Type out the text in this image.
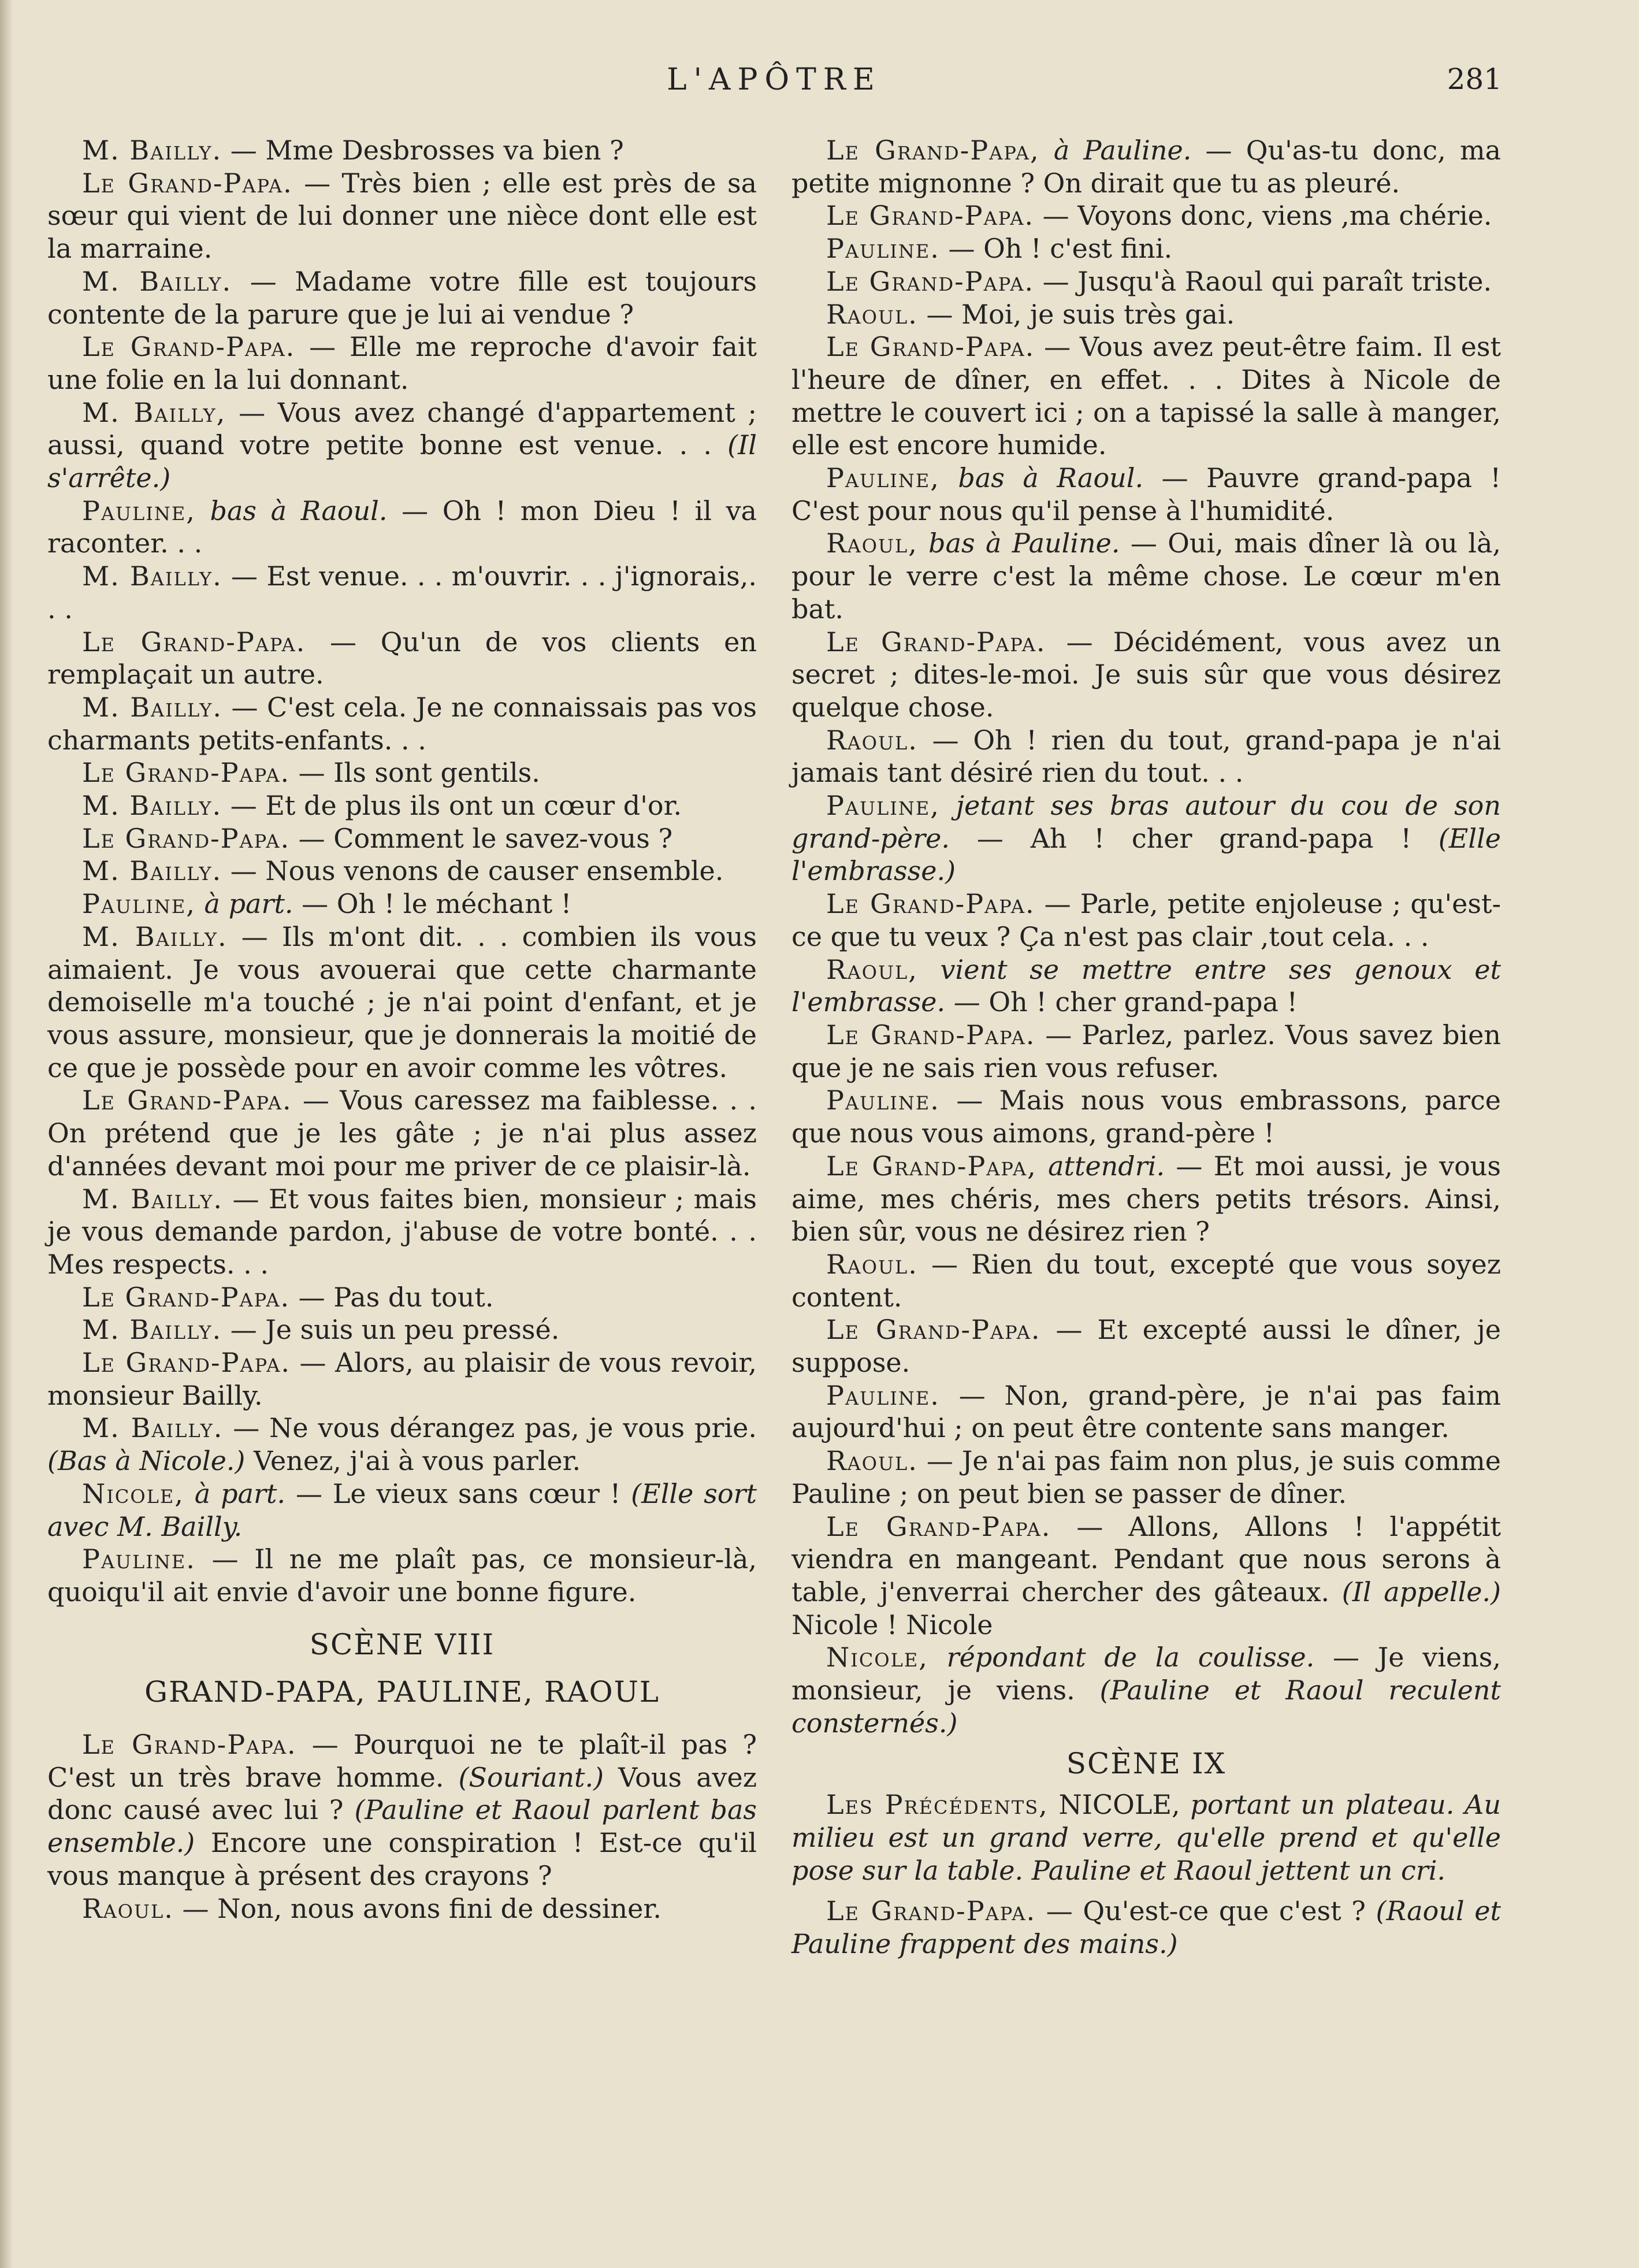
L'APÔTRE	281

M. Bailly. — Mme Desbrosses va bien ?

Le Grand-Papa. — Très bien ; elle est près de sa sœur qui vient de lui donner une nièce dont elle est la marraine.

M. Bailly. — Madame votre fille est toujours contente de la parure que je lui ai vendue ?

Le Grand-Papa. — Elle me reproche d'avoir fait une folie en la lui donnant.

M. Bailly, — Vous avez changé d'appartement ; aussi, quand votre petite bonne est venue. . . (Il s'arrête.)

Pauline, bas à Raoul. — Oh ! mon Dieu ! il va raconter. . .

M. Bailly. — Est venue. . . m'ouvrir. . . j'ignorais,. . .

Le Grand-Papa. — Qu'un de vos clients en remplaçait un autre.

M. Bailly. — C'est cela. Je ne connaissais pas vos charmants petits-enfants. . .

Le Grand-Papa. — Ils sont gentils.

M. Bailly. — Et de plus ils ont un cœur d'or.

Le Grand-Papa. — Comment le savez-vous ?

M. Bailly. — Nous venons de causer ensemble.

Pauline, à part. — Oh ! le méchant !

M. Bailly. — Ils m'ont dit. . . combien ils vous aimaient. Je vous avouerai que cette charmante demoiselle m'a touché ; je n'ai point d'enfant, et je vous assure, monsieur, que je donnerais la moitié de ce que je possède pour en avoir comme les vôtres.

Le Grand-Papa. — Vous caressez ma faiblesse. . . On prétend que je les gâte ; je n'ai plus assez d'années devant moi pour me priver de ce plaisir-là.

M. Bailly. — Et vous faites bien, monsieur ; mais je vous demande pardon, j'abuse de votre bonté. . . Mes respects. . .

Le Grand-Papa. — Pas du tout.

M. Bailly. — Je suis un peu pressé.

Le Grand-Papa. — Alors, au plaisir de vous revoir, monsieur Bailly.

M. Bailly. — Ne vous dérangez pas, je vous prie. (Bas à Nicole.) Venez, j'ai à vous parler.

Nicole, à part. — Le vieux sans cœur ! (Elle sort avec M. Bailly.

Pauline. — Il ne me plaît pas, ce monsieur-là, quoiqu'il ait envie d'avoir une bonne figure.

SCÈNE VIII

GRAND-PAPA, PAULINE, RAOUL

Le Grand-Papa. — Pourquoi ne te plaît-il pas ? C'est un très brave homme. (Souriant.) Vous avez donc causé avec lui ? (Pauline et Raoul parlent bas ensemble.) Encore une conspiration ! Est-ce qu'il vous manque à présent des crayons ?

Raoul. — Non, nous avons fini de dessiner.

Le Grand-Papa, à Pauline. — Qu'as-tu donc, ma petite mignonne ? On dirait que tu as pleuré.

Le Grand-Papa. — Voyons donc, viens ,ma chérie.

Pauline. — Oh ! c'est fini.

Le Grand-Papa. — Jusqu'à Raoul qui paraît triste.

Raoul. — Moi, je suis très gai.

Le Grand-Papa. — Vous avez peut-être faim. Il est l'heure de dîner, en effet. . . Dites à Nicole de mettre le couvert ici ; on a tapissé la salle à manger, elle est encore humide.

Pauline, bas à Raoul. — Pauvre grand-papa ! C'est pour nous qu'il pense à l'humidité.

Raoul, bas à Pauline. — Oui, mais dîner là ou là, pour le verre c'est la même chose. Le cœur m'en bat.

Le Grand-Papa. — Décidément, vous avez un secret ; dites-le-moi. Je suis sûr que vous désirez quelque chose.

Raoul. — Oh ! rien du tout, grand-papa je n'ai jamais tant désiré rien du tout. . .

Pauline, jetant ses bras autour du cou de son grand-père. — Ah ! cher grand-papa ! (Elle l'embrasse.)

Le Grand-Papa. — Parle, petite enjoleuse ; qu'est-ce que tu veux ? Ça n'est pas clair ,tout cela. . .

Raoul, vient se mettre entre ses genoux et l'embrasse. — Oh ! cher grand-papa !

Le Grand-Papa. — Parlez, parlez. Vous savez bien que je ne sais rien vous refuser.

Pauline. — Mais nous vous embrassons, parce que nous vous aimons, grand-père !

Le Grand-Papa, attendri. — Et moi aussi, je vous aime, mes chéris, mes chers petits trésors. Ainsi, bien sûr, vous ne désirez rien ?

Raoul. — Rien du tout, excepté que vous soyez content.

Le Grand-Papa. — Et excepté aussi le dîner, je suppose.

Pauline. — Non, grand-père, je n'ai pas faim aujourd'hui ; on peut être contente sans manger.

Raoul. — Je n'ai pas faim non plus, je suis comme Pauline ; on peut bien se passer de dîner.

Le Grand-Papa. — Allons, Allons ! l'appétit viendra en mangeant. Pendant que nous serons à table, j'enverrai chercher des gâteaux. (Il appelle.) Nicole ! Nicole

Nicole, répondant de la coulisse. — Je viens, monsieur, je viens. (Pauline et Raoul reculent consternés.)

SCÈNE IX

Les Précédents, NICOLE, portant un plateau. Au milieu est un grand verre, qu'elle prend et qu'elle pose sur la table. Pauline et Raoul jettent un cri.

Le Grand-Papa. — Qu'est-ce que c'est ? (Raoul et Pauline frappent des mains.)
